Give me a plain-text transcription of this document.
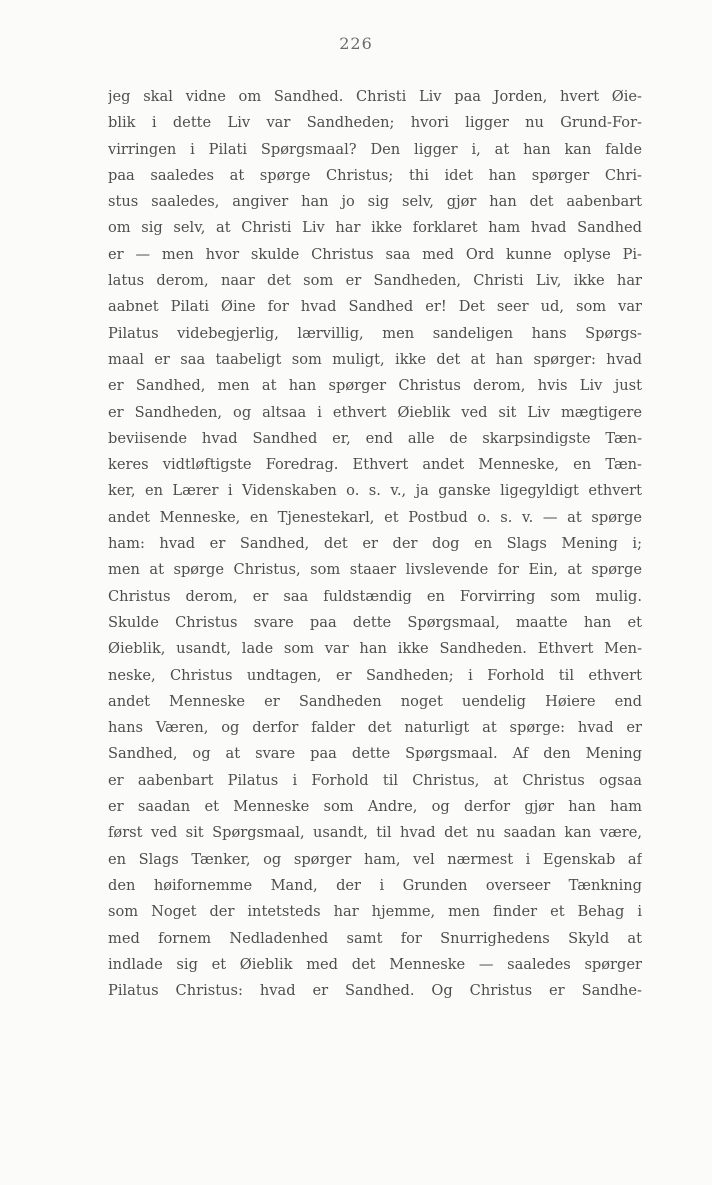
226
jeg skal vidne om Sandhed. Christi Liv paa Jorden, hvert Øie-
blik i dette Liv var Sandheden; hvori ligger nu Grund-For-
virringen i Pilati Spørgsmaal? Den ligger i, at han kan falde
paa saaledes at spørge Christus; thi idet han spørger Chri-
stus saaledes, angiver han jo sig selv, gjør han det aabenbart
om sig selv, at Christi Liv har ikke forklaret ham hvad Sandhed
er — men hvor skulde Christus saa med Ord kunne oplyse Pi-
latus derom, naar det som er Sandheden, Christi Liv, ikke har
aabnet Pilati Øine for hvad Sandhed er! Det seer ud, som var
Pilatus videbegjerlig, lærvillig, men sandeligen hans Spørgs-
maal er saa taabeligt som muligt, ikke det at han spørger: hvad
er Sandhed, men at han spørger Christus derom, hvis Liv just
er Sandheden, og altsaa i ethvert Øieblik ved sit Liv mægtigere
beviisende hvad Sandhed er, end alle de skarpsindigste Tæn-
keres vidtløftigste Foredrag. Ethvert andet Menneske, en Tæn-
ker, en Lærer i Videnskaben o. s. v., ja ganske ligegyldigt ethvert
andet Menneske, en Tjenestekarl, et Postbud o. s. v. — at spørge
ham: hvad er Sandhed, det er der dog en Slags Mening i;
men at spørge Christus, som staaer livslevende for Ein, at spørge
Christus derom, er saa fuldstændig en Forvirring som mulig.
Skulde Christus svare paa dette Spørgsmaal, maatte han et
Øieblik, usandt, lade som var han ikke Sandheden. Ethvert Men-
neske, Christus undtagen, er Sandheden; i Forhold til ethvert
andet Menneske er Sandheden noget uendelig Høiere end
hans Væren, og derfor falder det naturligt at spørge: hvad er
Sandhed, og at svare paa dette Spørgsmaal. Af den Mening
er aabenbart Pilatus i Forhold til Christus, at Christus ogsaa
er saadan et Menneske som Andre, og derfor gjør han ham
først ved sit Spørgsmaal, usandt, til hvad det nu saadan kan være,
en Slags Tænker, og spørger ham, vel nærmest i Egenskab af
den høifornemme Mand, der i Grunden overseer Tænkning
som Noget der intetsteds har hjemme, men finder et Behag i
med fornem Nedladenhed samt for Snurrighedens Skyld at
indlade sig et Øieblik med det Menneske — saaledes spørger
Pilatus Christus: hvad er Sandhed. Og Christus er Sandhe-
